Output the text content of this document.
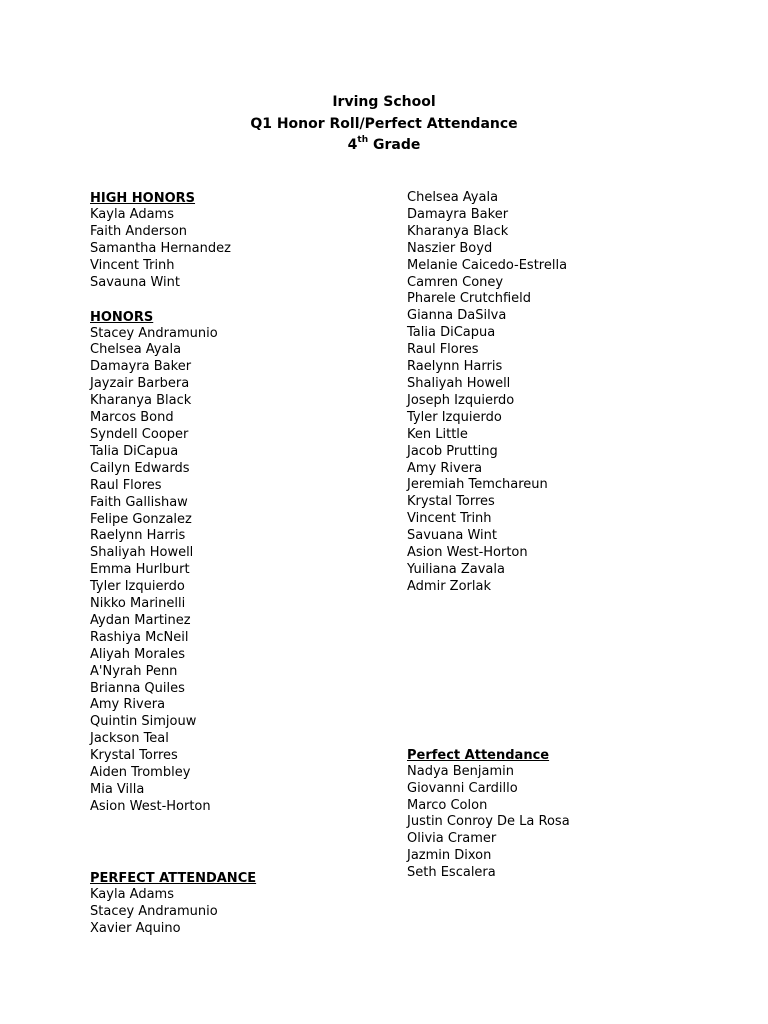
Irving School
Q1 Honor Roll/Perfect Attendance
4th Grade
HIGH HONORS
Kayla Adams
Faith Anderson
Samantha Hernandez
Vincent Trinh
Savauna Wint
HONORS
Stacey Andramunio
Chelsea Ayala
Damayra Baker
Jayzair Barbera
Kharanya Black
Marcos Bond
Syndell Cooper
Talia DiCapua
Cailyn Edwards
Raul Flores
Faith Gallishaw
Felipe Gonzalez
Raelynn Harris
Shaliyah Howell
Emma Hurlburt
Tyler Izquierdo
Nikko Marinelli
Aydan Martinez
Rashiya McNeil
Aliyah Morales
A'Nyrah Penn
Brianna Quiles
Amy Rivera
Quintin Simjouw
Jackson Teal
Krystal Torres
Aiden Trombley
Mia Villa
Asion West-Horton
PERFECT ATTENDANCE
Kayla Adams
Stacey Andramunio
Xavier Aquino
Chelsea Ayala
Damayra Baker
Kharanya Black
Naszier Boyd
Melanie Caicedo-Estrella
Camren Coney
Pharele Crutchfield
Gianna DaSilva
Talia DiCapua
Raul Flores
Raelynn Harris
Shaliyah Howell
Joseph Izquierdo
Tyler Izquierdo
Ken Little
Jacob Prutting
Amy Rivera
Jeremiah Temchareun
Krystal Torres
Vincent Trinh
Savuana Wint
Asion West-Horton
Yuiliana Zavala
Admir Zorlak
Perfect Attendance
Nadya Benjamin
Giovanni Cardillo
Marco Colon
Justin Conroy De La Rosa
Olivia Cramer
Jazmin Dixon
Seth Escalera
